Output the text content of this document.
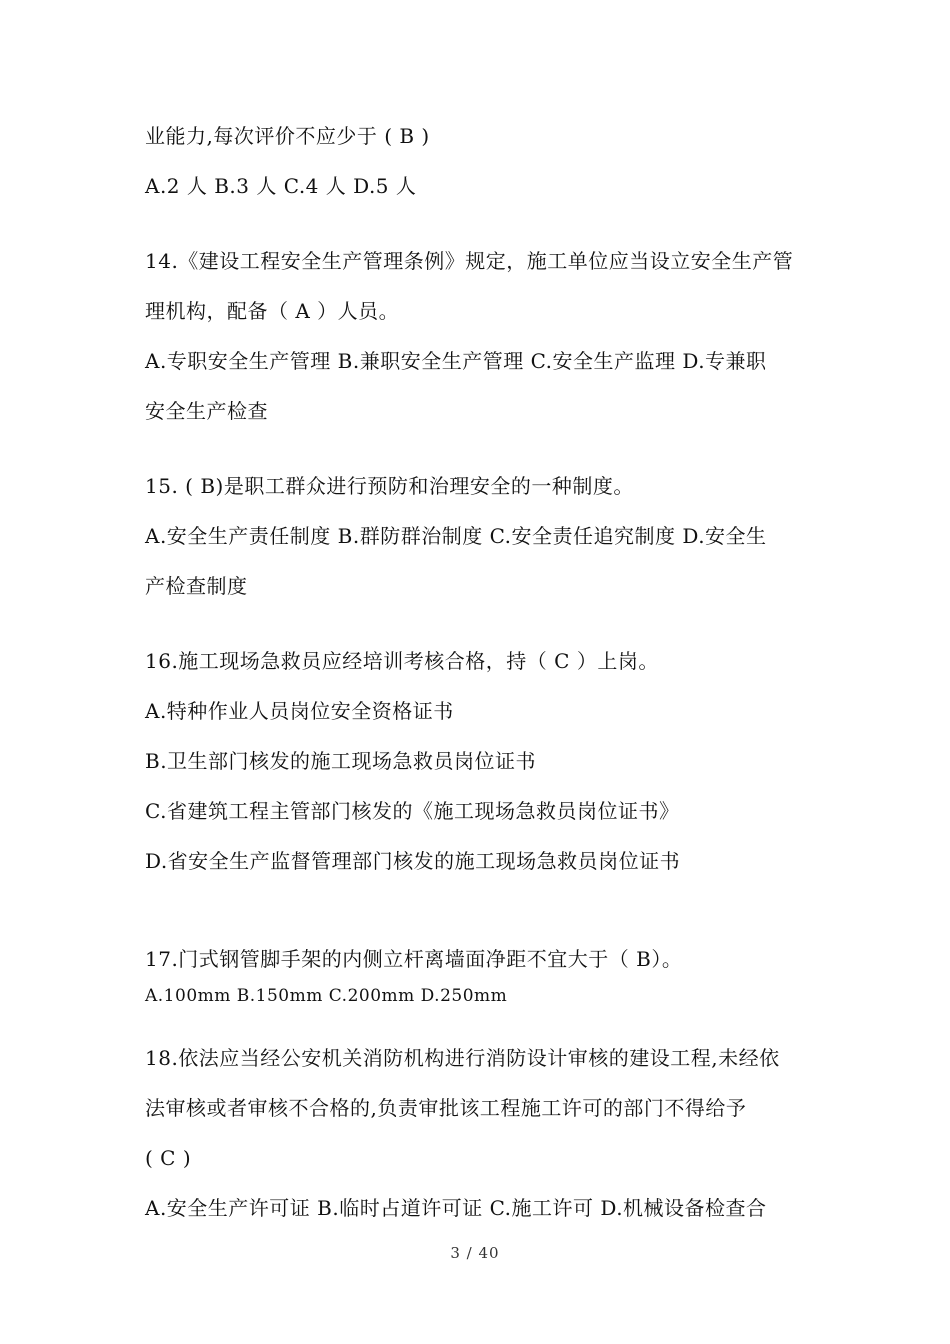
业能力,每次评价不应少于 ( B )
A.2 人 B.3 人 C.4 人 D.5 人
14.《建设工程安全生产管理条例》规定，施工单位应当设立安全生产管
理机构，配备（ A ）人员。
A.专职安全生产管理 B.兼职安全生产管理 C.安全生产监理 D.专兼职
安全生产检查
15. ( B)是职工群众进行预防和治理安全的一种制度。
A.安全生产责任制度 B.群防群治制度 C.安全责任追究制度 D.安全生
产检查制度
16.施工现场急救员应经培训考核合格，持（ C ）上岗。
A.特种作业人员岗位安全资格证书
B.卫生部门核发的施工现场急救员岗位证书
C.省建筑工程主管部门核发的《施工现场急救员岗位证书》
D.省安全生产监督管理部门核发的施工现场急救员岗位证书
17.门式钢管脚手架的内侧立杆离墙面净距不宜大于（ B）。
A.100mm B.150mm C.200mm D.250mm
18.依法应当经公安机关消防机构进行消防设计审核的建设工程,未经依
法审核或者审核不合格的,负责审批该工程施工许可的部门不得给予
( C )
A.安全生产许可证 B.临时占道许可证 C.施工许可 D.机械设备检查合
3 / 40
